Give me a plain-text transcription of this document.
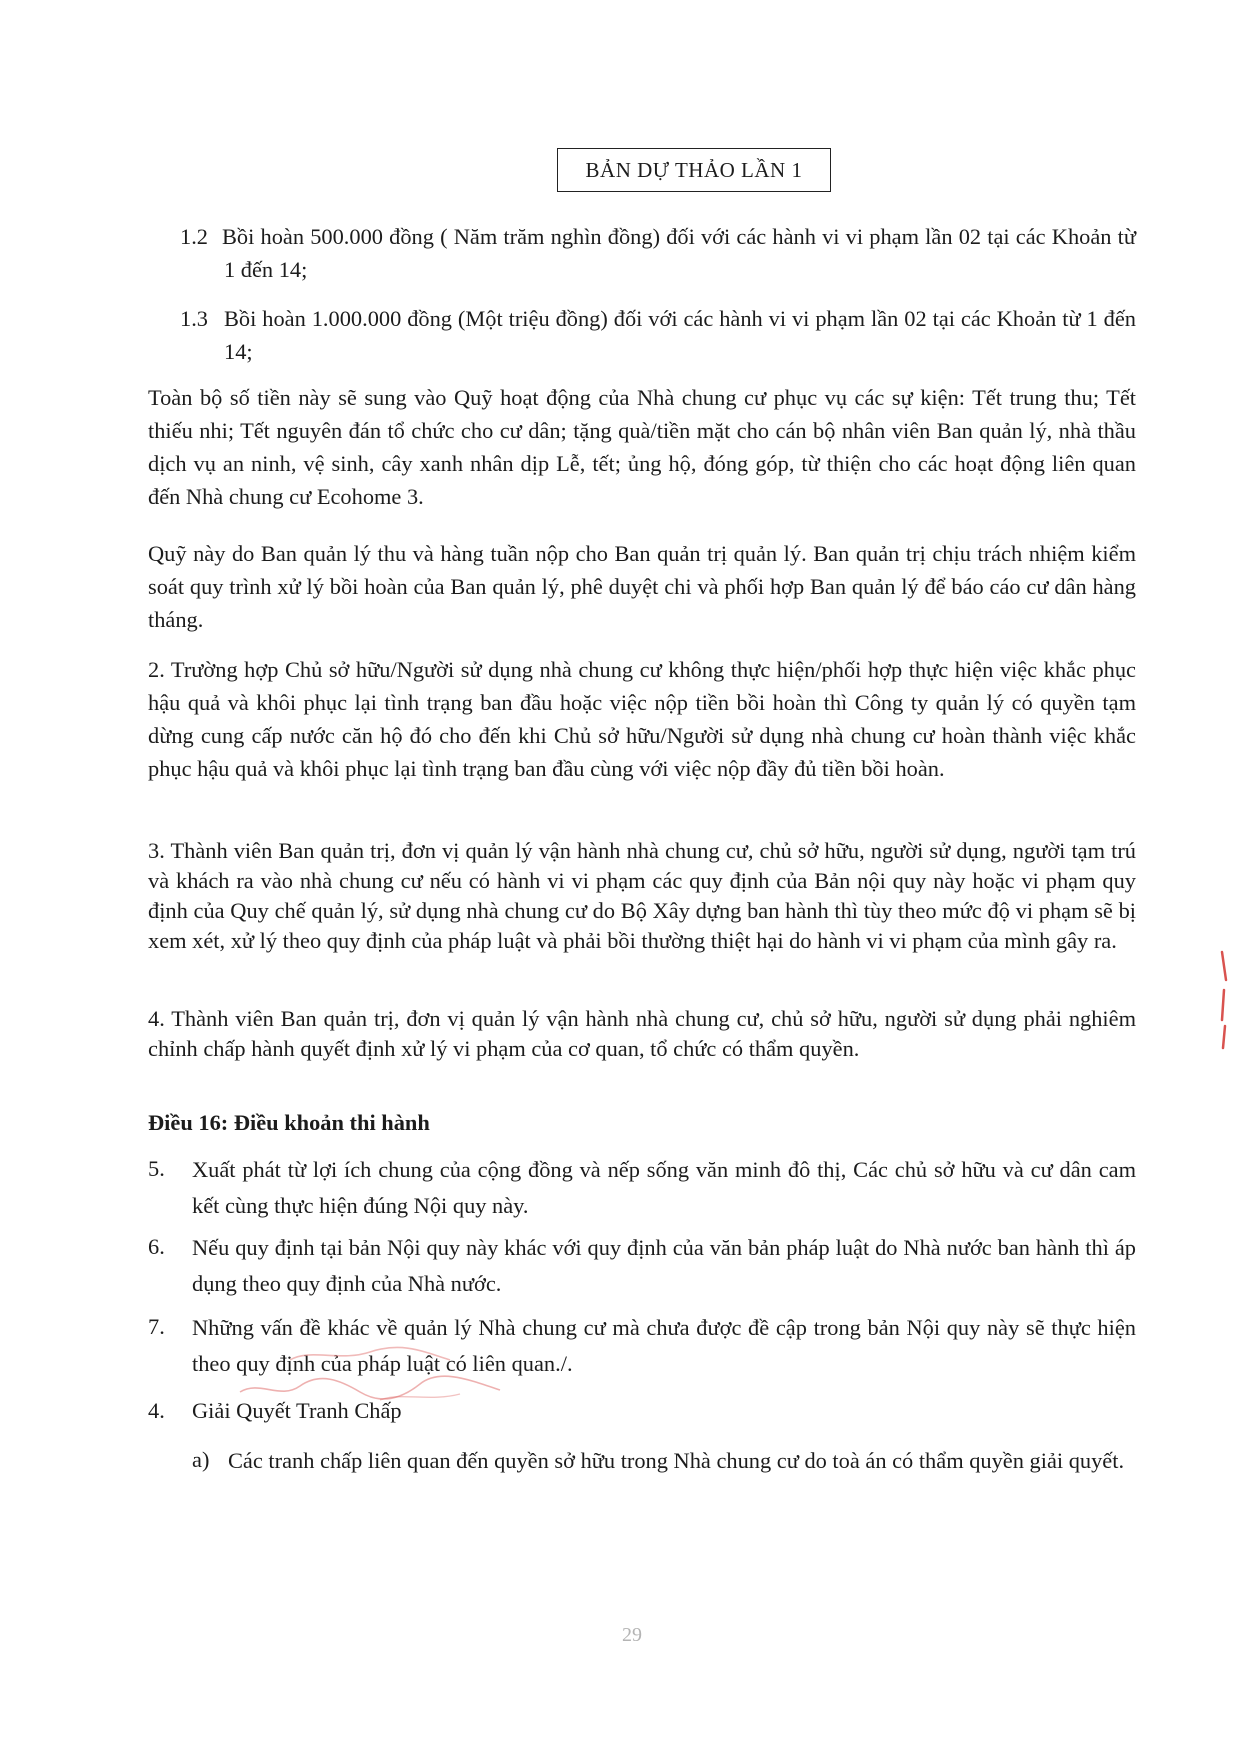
BẢN DỰ THẢO LẦN 1
1.2 Bồi hoàn 500.000 đồng ( Năm trăm nghìn đồng) đối với các hành vi vi phạm lần 02 tại các Khoản từ 1 đến 14;
1.3 Bồi hoàn 1.000.000 đồng (Một triệu đồng) đối với các hành vi vi phạm lần 02 tại các Khoản từ 1 đến 14;
Toàn bộ số tiền này sẽ sung vào Quỹ hoạt động của Nhà chung cư phục vụ các sự kiện: Tết trung thu; Tết thiếu nhi; Tết nguyên đán tổ chức cho cư dân; tặng quà/tiền mặt cho cán bộ nhân viên Ban quản lý, nhà thầu dịch vụ an ninh, vệ sinh, cây xanh nhân dịp Lễ, tết; ủng hộ, đóng góp, từ thiện cho các hoạt động liên quan đến Nhà chung cư Ecohome 3.
Quỹ này do Ban quản lý thu và hàng tuần nộp cho Ban quản trị quản lý. Ban quản trị chịu trách nhiệm kiểm soát quy trình xử lý bồi hoàn của Ban quản lý, phê duyệt chi và phối hợp Ban quản lý để báo cáo cư dân hàng tháng.
2. Trường hợp Chủ sở hữu/Người sử dụng nhà chung cư không thực hiện/phối hợp thực hiện việc khắc phục hậu quả và khôi phục lại tình trạng ban đầu hoặc việc nộp tiền bồi hoàn thì Công ty quản lý có quyền tạm dừng cung cấp nước căn hộ đó cho đến khi Chủ sở hữu/Người sử dụng nhà chung cư hoàn thành việc khắc phục hậu quả và khôi phục lại tình trạng ban đầu cùng với việc nộp đầy đủ tiền bồi hoàn.
3. Thành viên Ban quản trị, đơn vị quản lý vận hành nhà chung cư, chủ sở hữu, người sử dụng, người tạm trú và khách ra vào nhà chung cư nếu có hành vi vi phạm các quy định của Bản nội quy này hoặc vi phạm quy định của Quy chế quản lý, sử dụng nhà chung cư do Bộ Xây dựng ban hành thì tùy theo mức độ vi phạm sẽ bị xem xét, xử lý theo quy định của pháp luật và phải bồi thường thiệt hại do hành vi vi phạm của mình gây ra.
4. Thành viên Ban quản trị, đơn vị quản lý vận hành nhà chung cư, chủ sở hữu, người sử dụng phải nghiêm chỉnh chấp hành quyết định xử lý vi phạm của cơ quan, tổ chức có thẩm quyền.
Điều 16: Điều khoản thi hành
5. Xuất phát từ lợi ích chung của cộng đồng và nếp sống văn minh đô thị, Các chủ sở hữu và cư dân cam kết cùng thực hiện đúng Nội quy này.
6. Nếu quy định tại bản Nội quy này khác với quy định của văn bản pháp luật do Nhà nước ban hành thì áp dụng theo quy định của Nhà nước.
7. Những vấn đề khác về quản lý Nhà chung cư mà chưa được đề cập trong bản Nội quy này sẽ thực hiện theo quy định của pháp luật có liên quan./.
4. Giải Quyết Tranh Chấp
a) Các tranh chấp liên quan đến quyền sở hữu trong Nhà chung cư do toà án có thẩm quyền giải quyết.
29
